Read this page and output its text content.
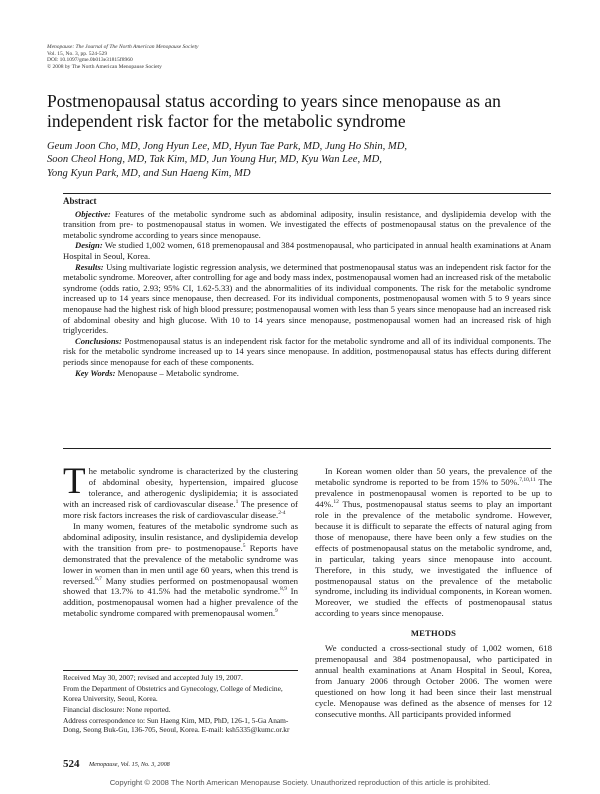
Menopause: The Journal of The North American Menopause Society
Vol. 15, No. 3, pp. 524-529
DOI: 10.1097/gme.0b013e31815f8960
© 2008 by The North American Menopause Society
Postmenopausal status according to years since menopause as an independent risk factor for the metabolic syndrome
Geum Joon Cho, MD, Jong Hyun Lee, MD, Hyun Tae Park, MD, Jung Ho Shin, MD,
Soon Cheol Hong, MD, Tak Kim, MD, Jun Young Hur, MD, Kyu Wan Lee, MD,
Yong Kyun Park, MD, and Sun Haeng Kim, MD
Abstract

Objective: Features of the metabolic syndrome such as abdominal adiposity, insulin resistance, and dyslipidemia develop with the transition from pre- to postmenopausal status in women. We investigated the effects of postmenopausal status on the prevalence of the metabolic syndrome according to years since menopause.

Design: We studied 1,002 women, 618 premenopausal and 384 postmenopausal, who participated in annual health examinations at Anam Hospital in Seoul, Korea.

Results: Using multivariate logistic regression analysis, we determined that postmenopausal status was an independent risk factor for the metabolic syndrome. Moreover, after controlling for age and body mass index, postmenopausal women had an increased risk of the metabolic syndrome (odds ratio, 2.93; 95% CI, 1.62-5.33) and the abnormalities of its individual components. The risk for the metabolic syndrome increased up to 14 years since menopause, then decreased. For its individual components, postmenopausal women with 5 to 9 years since menopause had the highest risk of high blood pressure; postmenopausal women with less than 5 years since menopause had an increased risk of abdominal obesity and high glucose. With 10 to 14 years since menopause, postmenopausal women had an increased risk of high triglycerides.

Conclusions: Postmenopausal status is an independent risk factor for the metabolic syndrome and all of its individual components. The risk for the metabolic syndrome increased up to 14 years since menopause. In addition, postmenopausal status has effects during different periods since menopause for each of these components.

Key Words: Menopause – Metabolic syndrome.

The metabolic syndrome is characterized by the clustering of abdominal obesity, hypertension, impaired glucose tolerance, and atherogenic dyslipidemia; it is associated with an increased risk of cardiovascular disease.$^1$ The presence of more risk factors increases the risk of cardiovascular disease.$^{2-4}$

In many women, features of the metabolic syndrome such as abdominal adiposity, insulin resistance, and dyslipidemia develop with the transition from pre- to postmenopause.$^5$ Reports have demonstrated that the prevalence of the metabolic syndrome was lower in women than in men until age 60 years, when this trend is reversed.$^{6,7}$ Many studies performed on postmenopausal women showed that 13.7% to 41.5% had the metabolic syndrome.$^{8,9}$ In addition, postmenopausal women had a higher prevalence of the metabolic syndrome compared with premenopausal women.$^9$

In Korean women older than 50 years, the prevalence of the metabolic syndrome is reported to be from 15% to 50%.$^{7,10,11}$ The prevalence in postmenopausal women is reported to be up to 44%.$^{12}$ Thus, postmenopausal status seems to play an important role in the prevalence of the metabolic syndrome. However, because it is difficult to separate the effects of natural aging from those of menopause, there have been only a few studies on the effects of postmenopausal status on the metabolic syndrome, and, in particular, taking years since menopause into account. Therefore, in this study, we investigated the influence of postmenopausal status on the prevalence of the metabolic syndrome, including its individual components, in Korean women. Moreover, we studied the effects of postmenopausal status according to years since menopause.

METHODS

We conducted a cross-sectional study of 1,002 women, 618 premenopausal and 384 postmenopausal, who participated in annual health examinations at Anam Hospital in Seoul, Korea, from January 2006 through October 2006. The women were questioned on how long it had been since their last menstrual cycle. Menopause was defined as the absence of menses for 12 consecutive months. All participants provided informed

Received May 30, 2007; revised and accepted July 19, 2007.

From the Department of Obstetrics and Gynecology, College of Medicine, Korea University, Seoul, Korea.

Financial disclosure: None reported.

Address correspondence to: Sun Haeng Kim, MD, PhD, 126-1, 5-Ga Anam-Dong, Seong Buk-Gu, 136-705, Seoul, Korea. E-mail: ksh5335@kumc.or.kr

524 Menopause, Vol. 15, No. 3, 2008
Copyright © 2008 The North American Menopause Society. Unauthorized reproduction of this article is prohibited.
